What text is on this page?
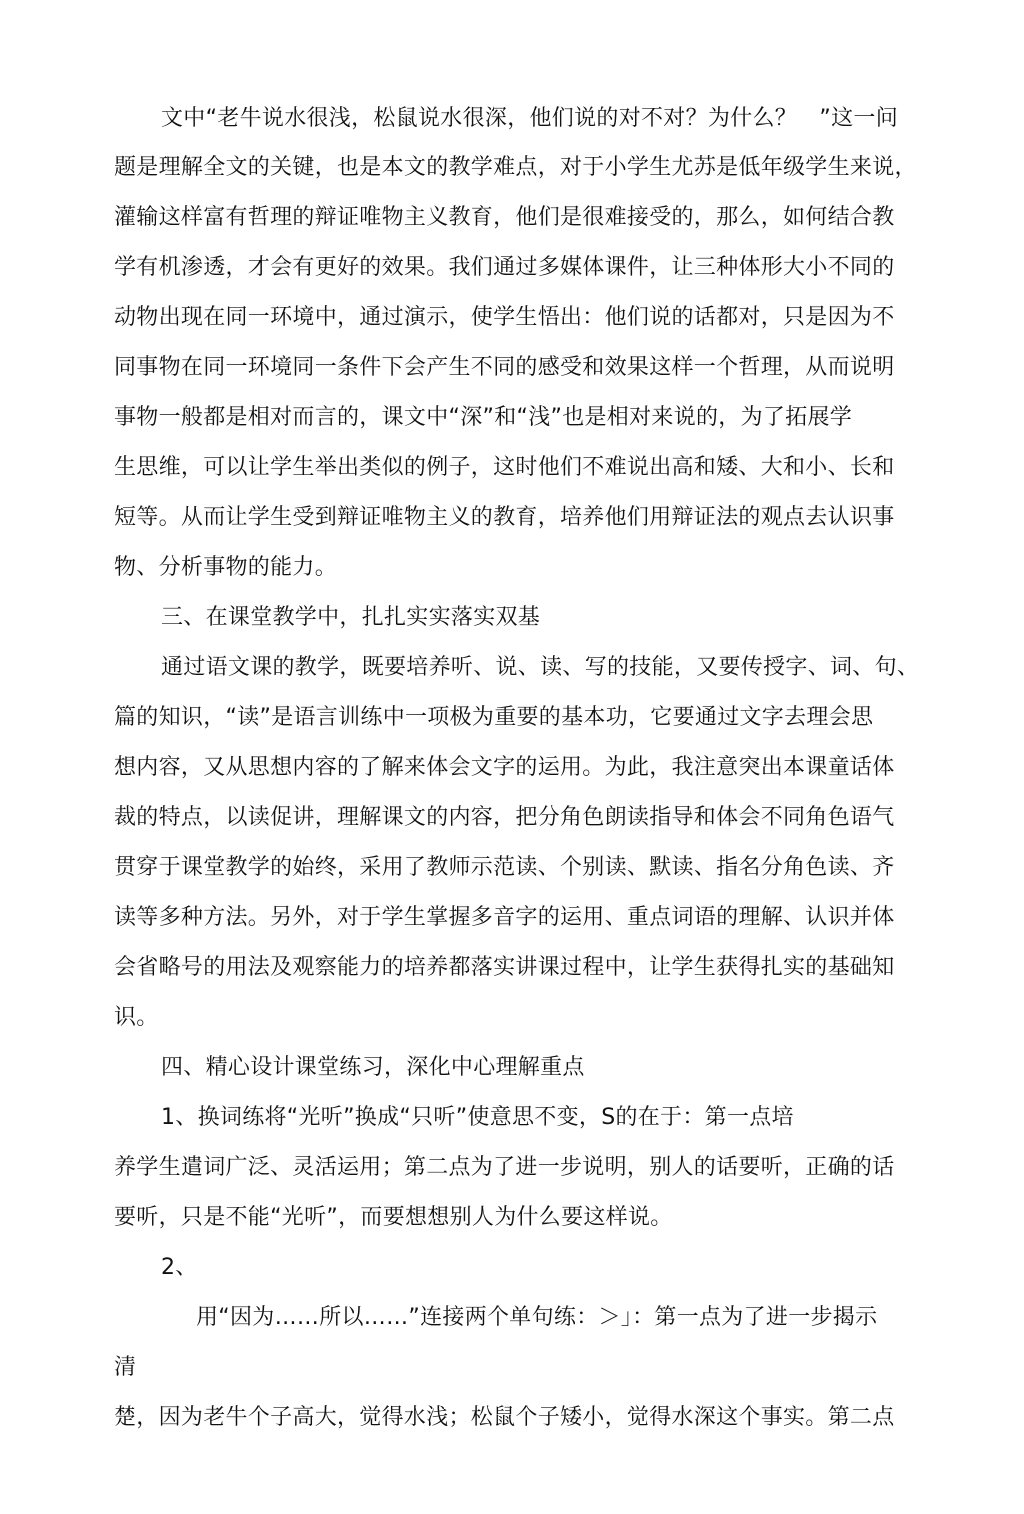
文中“老牛说水很浅，松鼠说水很深，他们说的对不对？为什么？　”这一问
题是理解全文的关键，也是本文的教学难点，对于小学生尤苏是低年级学生来说，
灌输这样富有哲理的辩证唯物主义教育，他们是很难接受的，那么，如何结合教
学有机渗透，才会有更好的效果。我们通过多媒体课件，让三种体形大小不同的
动物出现在同一环境中，通过演示，使学生悟出：他们说的话都对，只是因为不
同事物在同一环境同一条件下会产生不同的感受和效果这样一个哲理，从而说明
事物一般都是相对而言的，课文中“深”和“浅”也是相对来说的，为了拓展学
生思维，可以让学生举出类似的例子，这时他们不难说出高和矮、大和小、长和
短等。从而让学生受到辩证唯物主义的教育，培养他们用辩证法的观点去认识事
物、分析事物的能力。
三、在课堂教学中，扎扎实实落实双基
通过语文课的教学，既要培养听、说、读、写的技能，又要传授字、词、句、
篇的知识，“读”是语言训练中一项极为重要的基本功，它要通过文字去理会思
想内容，又从思想内容的了解来体会文字的运用。为此，我注意突出本课童话体
裁的特点，以读促讲，理解课文的内容，把分角色朗读指导和体会不同角色语气
贯穿于课堂教学的始终，采用了教师示范读、个别读、默读、指名分角色读、齐
读等多种方法。另外，对于学生掌握多音字的运用、重点词语的理解、认识并体
会省略号的用法及观察能力的培养都落实讲课过程中，让学生获得扎实的基础知
识。
四、精心设计课堂练习，深化中心理解重点
1、换词练将“光听”换成“只听”使意思不变，S的在于：第一点培
养学生遣词广泛、灵活运用；第二点为了进一步说明，别人的话要听，正确的话
要听，只是不能“光听”，而要想想别人为什么要这样说。
2、
用“因为……所以……”连接两个单句练：＞」：第一点为了进一步揭示
清
楚，因为老牛个子高大，觉得水浅；松鼠个子矮小，觉得水深这个事实。第二点
